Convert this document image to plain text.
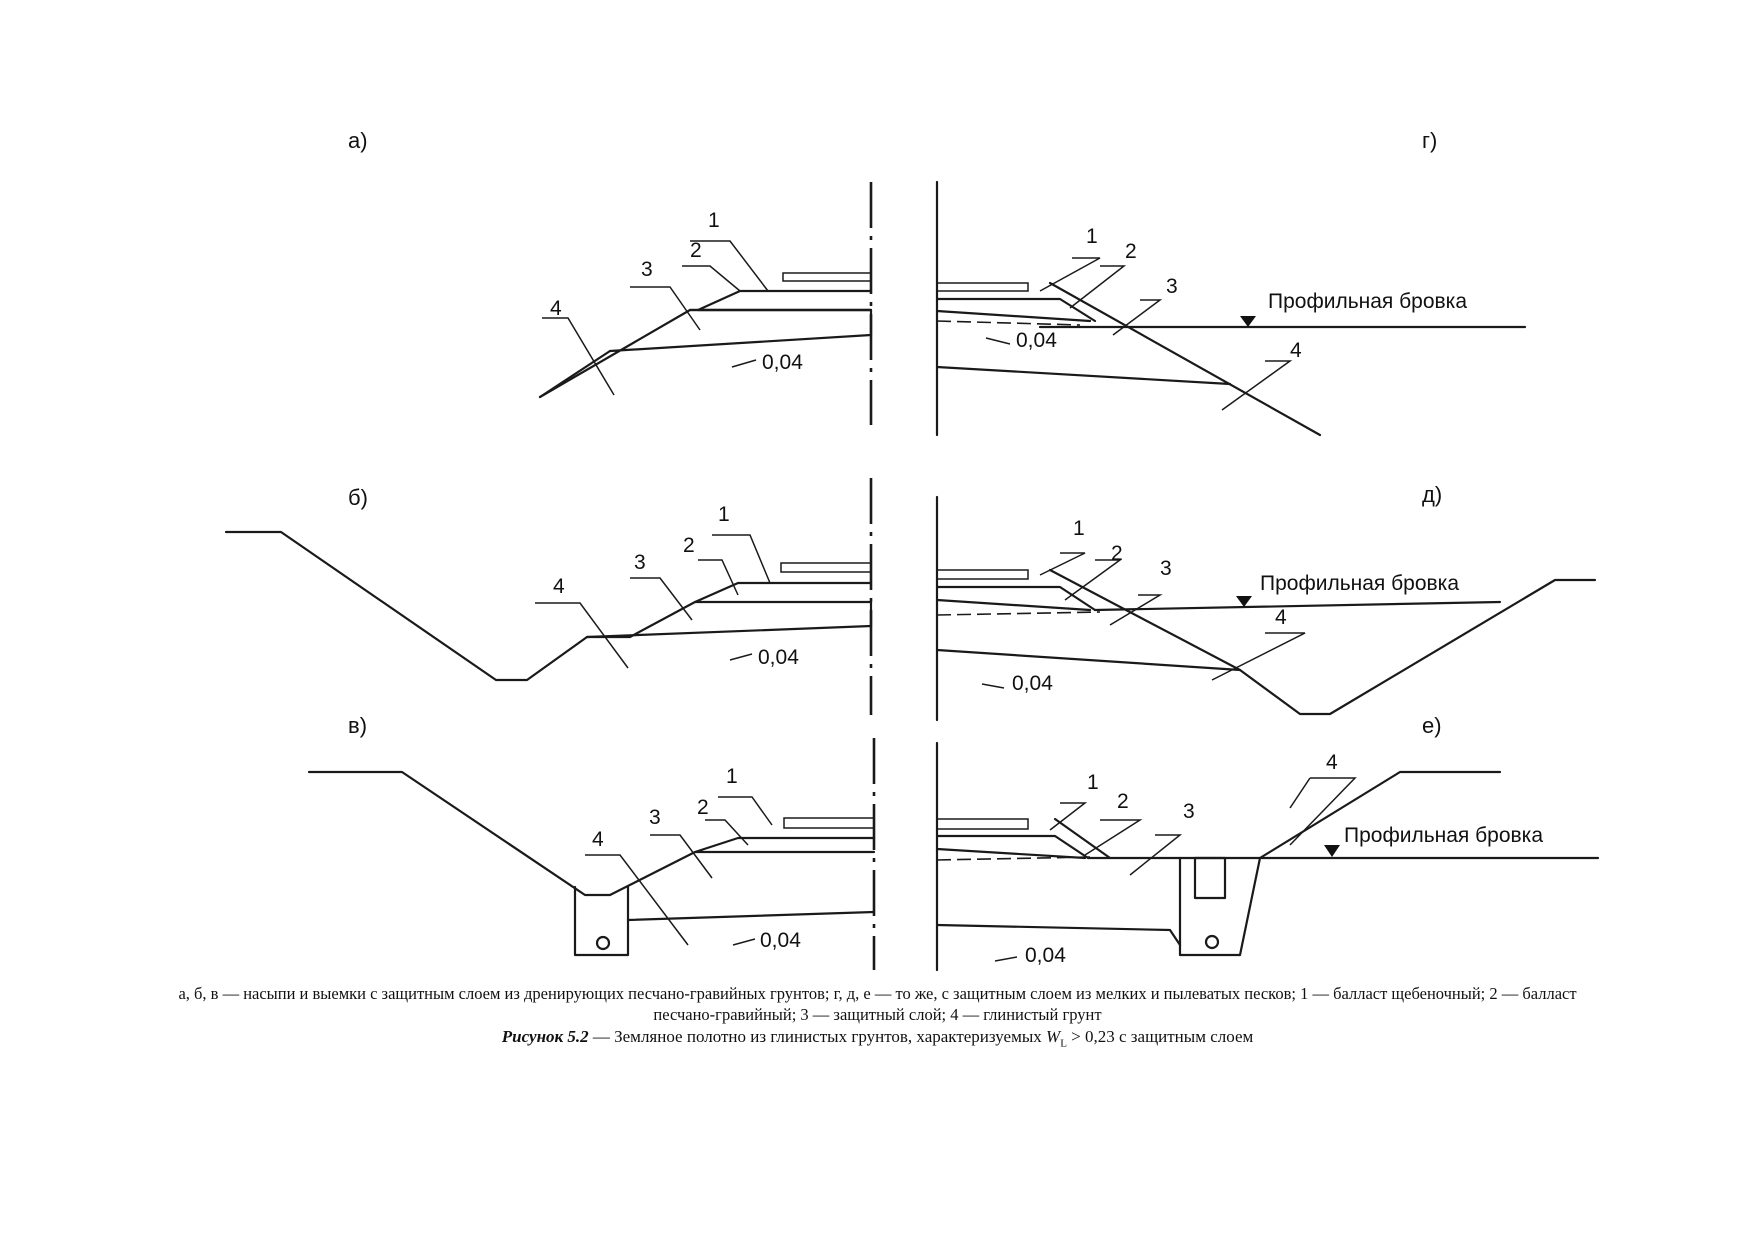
а)
1
2
3
4
0,04
г)
1
2
3
4
Профильная бровка
0,04
б)
1
2
3
4
0,04
д)
1
2
3
4
Профильная бровка
0,04
в)
1
2
3
4
0,04
е)
1
2	3
4
Профильная бровка
0,04
а, б, в — насыпи и выемки с защитным слоем из дренирующих песчано-гравийных грунтов; г, д, е — то же, с защитным слоем из мелких и пылеватых песков; 1 — балласт щебеночный; 2 — балласт песчано-гравийный; 3 — защитный слой; 4 — глинистый грунт
Рисунок 5.2 — Земляное полотно из глинистых грунтов, характеризуемых $W_L > 0,23$ с защитным слоем
